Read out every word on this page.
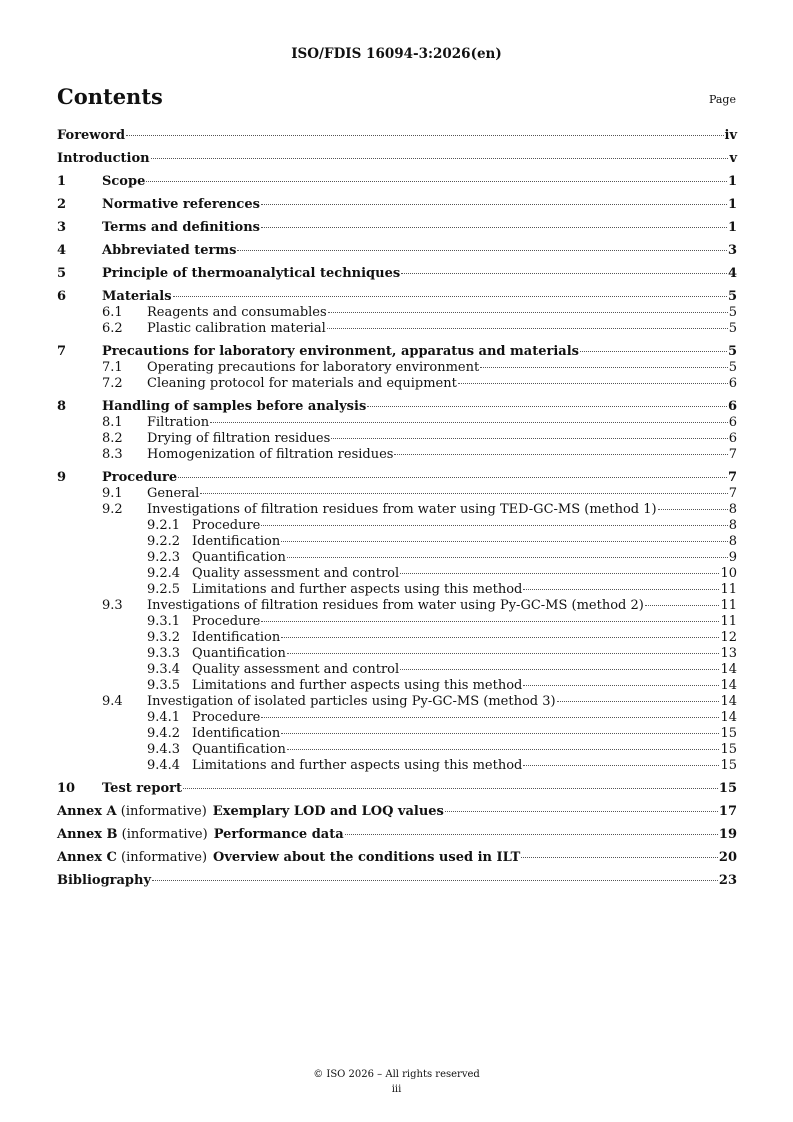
ISO/FDIS 16094-3:2026(en)
Contents	Page
Foreword	iv
Introduction	v
1	Scope	1
2	Normative references	1
3	Terms and definitions	1
4	Abbreviated terms	3
5	Principle of thermoanalytical techniques	4
6	Materials	5
6.1	Reagents and consumables	5
6.2	Plastic calibration material	5
7	Precautions for laboratory environment, apparatus and materials	5
7.1	Operating precautions for laboratory environment	5
7.2	Cleaning protocol for materials and equipment	6
8	Handling of samples before analysis	6
8.1	Filtration	6
8.2	Drying of filtration residues	6
8.3	Homogenization of filtration residues	7
9	Procedure	7
9.1	General	7
9.2	Investigations of filtration residues from water using TED-GC-MS (method 1)	8
9.2.1 Procedure	8
9.2.2 Identification	8
9.2.3 Quantification	9
9.2.4 Quality assessment and control	10
9.2.5 Limitations and further aspects using this method	11
9.3	Investigations of filtration residues from water using Py-GC-MS (method 2)	11
9.3.1 Procedure	11
9.3.2 Identification	12
9.3.3 Quantification	13
9.3.4 Quality assessment and control	14
9.3.5 Limitations and further aspects using this method	14
9.4	Investigation of isolated particles using Py-GC-MS (method 3)	14
9.4.1 Procedure	14
9.4.2 Identification	15
9.4.3 Quantification	15
9.4.4 Limitations and further aspects using this method	15
10	Test report	15
Annex A (informative) Exemplary LOD and LOQ values	17
Annex B (informative) Performance data	19
Annex C (informative) Overview about the conditions used in ILT	20
Bibliography	23
© ISO 2026 – All rights reserved
iii
